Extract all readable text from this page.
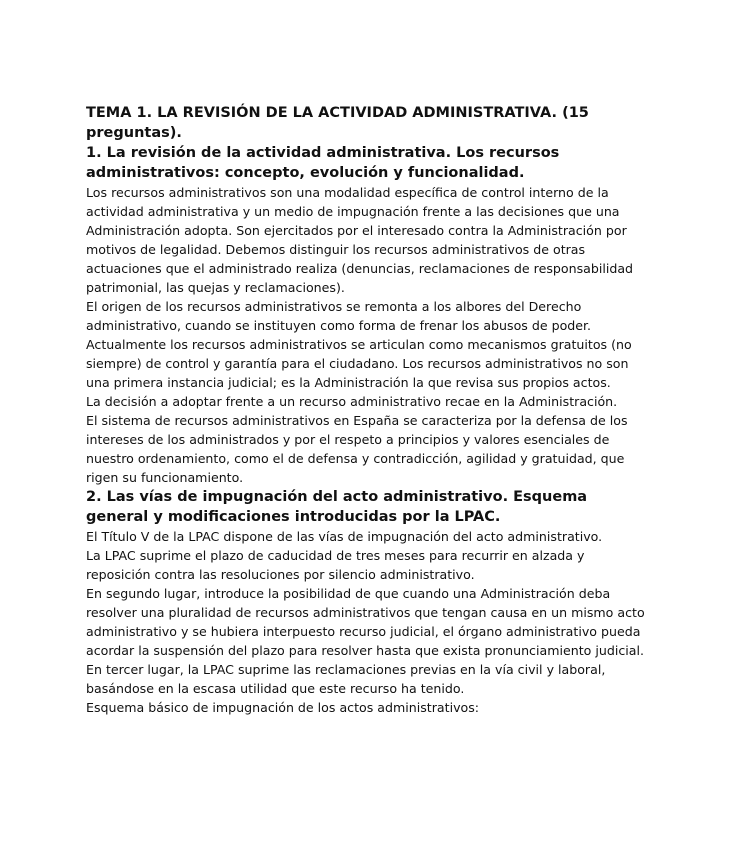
TEMA 1. LA REVISIÓN DE LA ACTIVIDAD ADMINISTRATIVA. (15 preguntas).
1. La revisión de la actividad administrativa. Los recursos administrativos: concepto, evolución y funcionalidad.

Los recursos administrativos son una modalidad específica de control interno de la actividad administrativa y un medio de impugnación frente a las decisiones que una Administración adopta. Son ejercitados por el interesado contra la Administración por motivos de legalidad. Debemos distinguir los recursos administrativos de otras actuaciones que el administrado realiza (denuncias, reclamaciones de responsabilidad patrimonial, las quejas y reclamaciones).

El origen de los recursos administrativos se remonta a los albores del Derecho administrativo, cuando se instituyen como forma de frenar los abusos de poder.

Actualmente los recursos administrativos se articulan como mecanismos gratuitos (no siempre) de control y garantía para el ciudadano. Los recursos administrativos no son una primera instancia judicial; es la Administración la que revisa sus propios actos.

La decisión a adoptar frente a un recurso administrativo recae en la Administración.

El sistema de recursos administrativos en España se caracteriza por la defensa de los intereses de los administrados y por el respeto a principios y valores esenciales de nuestro ordenamiento, como el de defensa y contradicción, agilidad y gratuidad, que rigen su funcionamiento.

2. Las vías de impugnación del acto administrativo. Esquema general y modificaciones introducidas por la LPAC.

El Título V de la LPAC dispone de las vías de impugnación del acto administrativo.

La LPAC suprime el plazo de caducidad de tres meses para recurrir en alzada y reposición contra las resoluciones por silencio administrativo.

En segundo lugar, introduce la posibilidad de que cuando una Administración deba resolver una pluralidad de recursos administrativos que tengan causa en un mismo acto administrativo y se hubiera interpuesto recurso judicial, el órgano administrativo pueda acordar la suspensión del plazo para resolver hasta que exista pronunciamiento judicial.

En tercer lugar, la LPAC suprime las reclamaciones previas en la vía civil y laboral, basándose en la escasa utilidad que este recurso ha tenido.

Esquema básico de impugnación de los actos administrativos:
